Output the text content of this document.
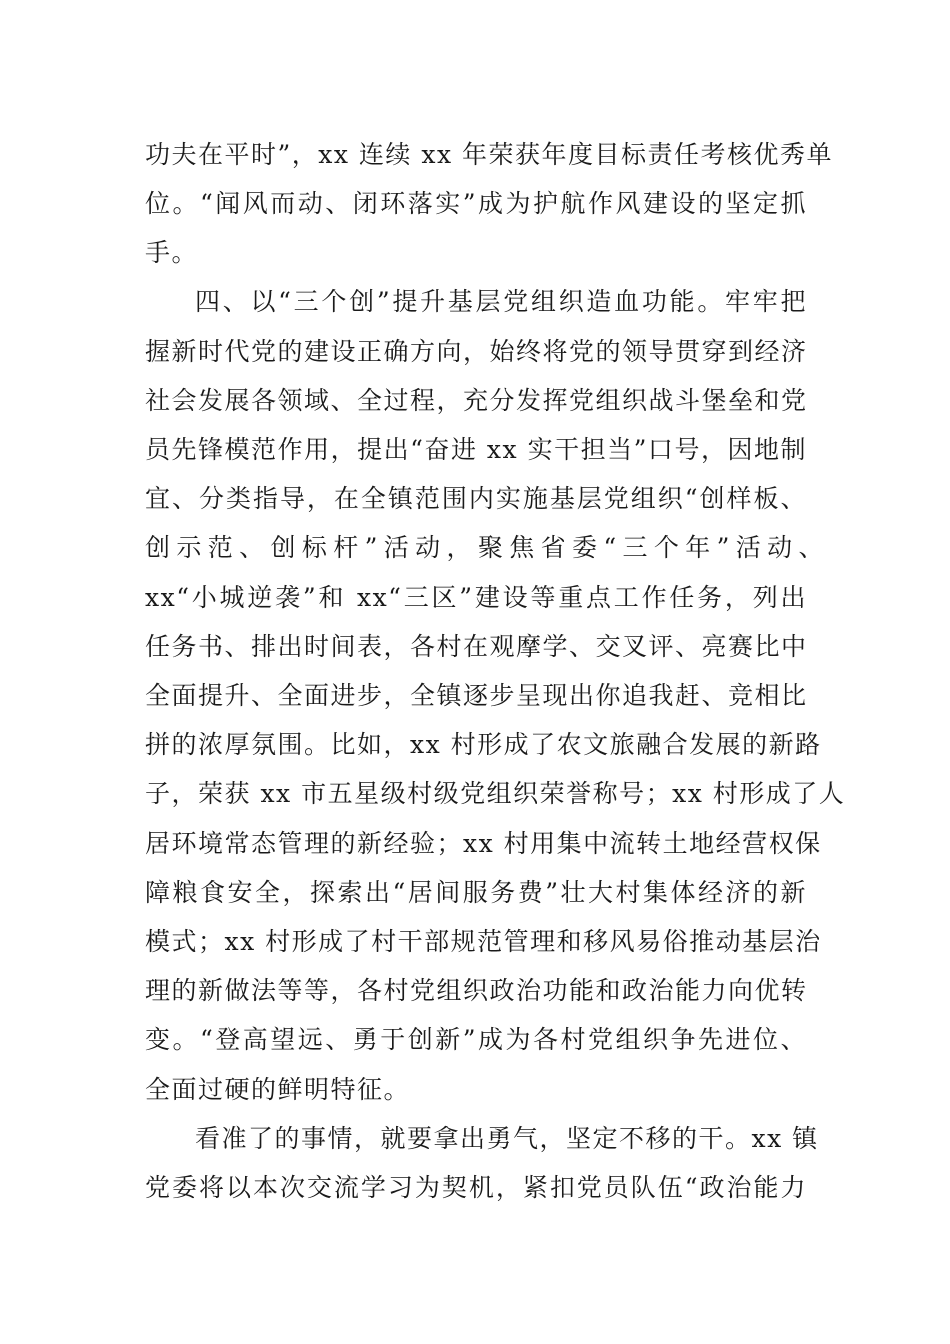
功夫在平时”，xx 连续 xx 年荣获年度目标责任考核优秀单
位。“闻风而动、闭环落实”成为护航作风建设的坚定抓
手。
四、以“三个创”提升基层党组织造血功能。牢牢把
握新时代党的建设正确方向，始终将党的领导贯穿到经济
社会发展各领域、全过程，充分发挥党组织战斗堡垒和党
员先锋模范作用，提出“奋进 xx 实干担当”口号，因地制
宜、分类指导，在全镇范围内实施基层党组织“创样板、
创示范、创标杆”活动，聚焦省委“三个年”活动、
xx“小城逆袭”和 xx“三区”建设等重点工作任务，列出
任务书、排出时间表，各村在观摩学、交叉评、亮赛比中
全面提升、全面进步，全镇逐步呈现出你追我赶、竞相比
拼的浓厚氛围。比如，xx 村形成了农文旅融合发展的新路
子，荣获 xx 市五星级村级党组织荣誉称号；xx 村形成了人
居环境常态管理的新经验；xx 村用集中流转土地经营权保
障粮食安全，探索出“居间服务费”壮大村集体经济的新
模式；xx 村形成了村干部规范管理和移风易俗推动基层治
理的新做法等等，各村党组织政治功能和政治能力向优转
变。“登高望远、勇于创新”成为各村党组织争先进位、
全面过硬的鲜明特征。
看准了的事情，就要拿出勇气，坚定不移的干。xx 镇
党委将以本次交流学习为契机，紧扣党员队伍“政治能力
